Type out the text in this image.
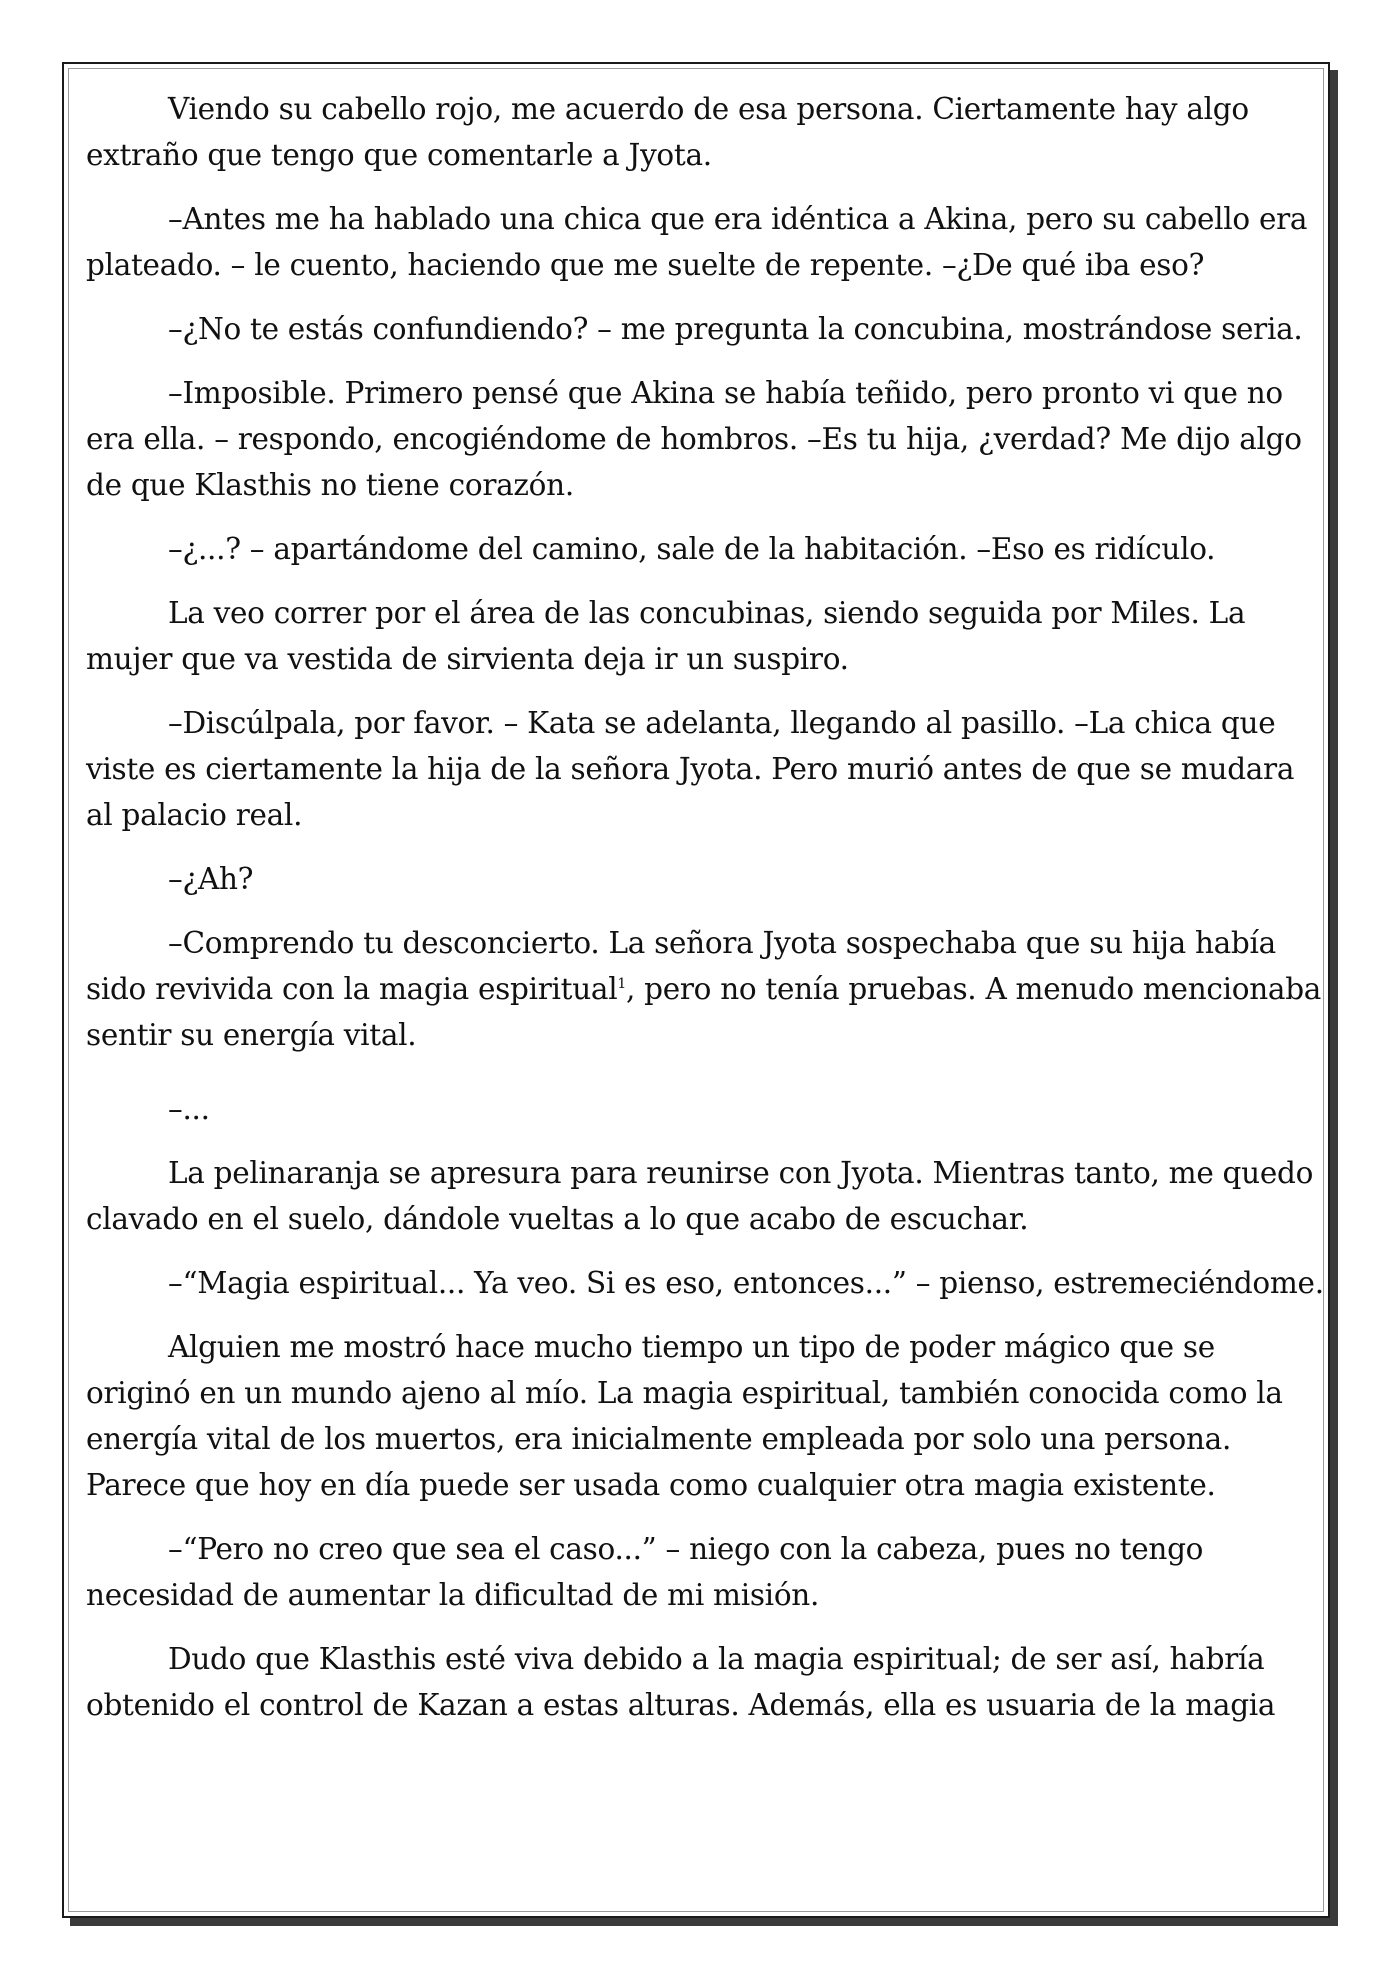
Viendo su cabello rojo, me acuerdo de esa persona. Ciertamente hay algo extraño que tengo que comentarle a Jyota.

–Antes me ha hablado una chica que era idéntica a Akina, pero su cabello era plateado. – le cuento, haciendo que me suelte de repente. –¿De qué iba eso?

–¿No te estás confundiendo? – me pregunta la concubina, mostrándose seria.

–Imposible. Primero pensé que Akina se había teñido, pero pronto vi que no era ella. – respondo, encogiéndome de hombros. –Es tu hija, ¿verdad? Me dijo algo de que Klasthis no tiene corazón.

–¿...? – apartándome del camino, sale de la habitación. –Eso es ridículo.

La veo correr por el área de las concubinas, siendo seguida por Miles. La mujer que va vestida de sirvienta deja ir un suspiro.

–Discúlpala, por favor. – Kata se adelanta, llegando al pasillo. –La chica que viste es ciertamente la hija de la señora Jyota. Pero murió antes de que se mudara al palacio real.

–¿Ah?

–Comprendo tu desconcierto. La señora Jyota sospechaba que su hija había sido revivida con la magia espiritual$^1$, pero no tenía pruebas. A menudo mencionaba sentir su energía vital.

–...

La pelinaranja se apresura para reunirse con Jyota. Mientras tanto, me quedo clavado en el suelo, dándole vueltas a lo que acabo de escuchar.

–“Magia espiritual... Ya veo. Si es eso, entonces...” – pienso, estremeciéndome.

Alguien me mostró hace mucho tiempo un tipo de poder mágico que se originó en un mundo ajeno al mío. La magia espiritual, también conocida como la energía vital de los muertos, era inicialmente empleada por solo una persona. Parece que hoy en día puede ser usada como cualquier otra magia existente.

–“Pero no creo que sea el caso...” – niego con la cabeza, pues no tengo necesidad de aumentar la dificultad de mi misión.

Dudo que Klasthis esté viva debido a la magia espiritual; de ser así, habría obtenido el control de Kazan a estas alturas. Además, ella es usuaria de la magia
